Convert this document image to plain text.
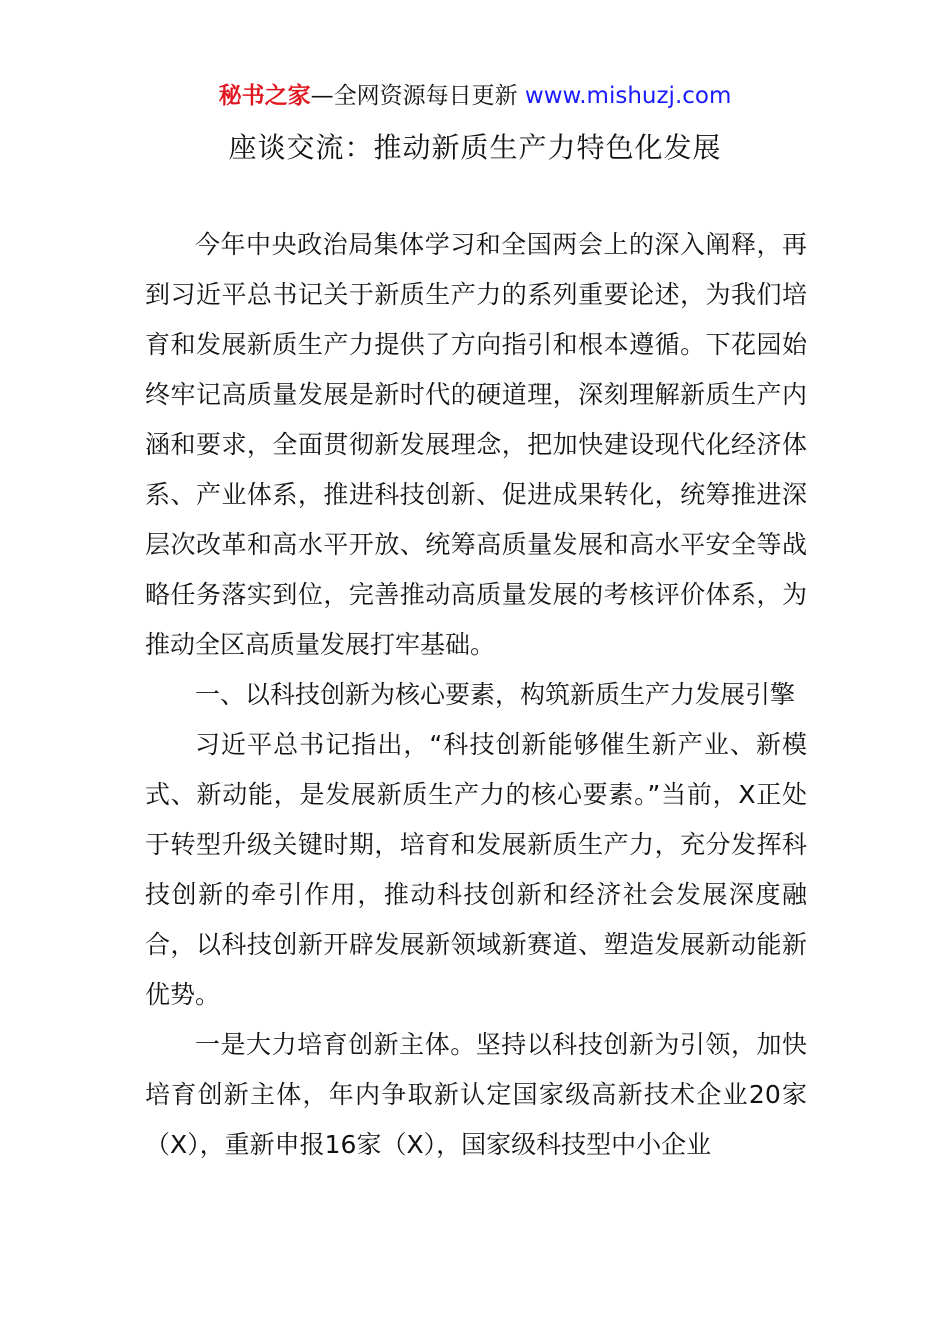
秘书之家—全网资源每日更新 www.mishuzj.com
座谈交流：推动新质生产力特色化发展

今年中央政治局集体学习和全国两会上的深入阐释，再到习近平总书记关于新质生产力的系列重要论述，为我们培育和发展新质生产力提供了方向指引和根本遵循。下花园始终牢记高质量发展是新时代的硬道理，深刻理解新质生产内涵和要求，全面贯彻新发展理念，把加快建设现代化经济体系、产业体系，推进科技创新、促进成果转化，统筹推进深层次改革和高水平开放、统筹高质量发展和高水平安全等战略任务落实到位，完善推动高质量发展的考核评价体系，为推动全区高质量发展打牢基础。

一、以科技创新为核心要素，构筑新质生产力发展引擎

习近平总书记指出，“科技创新能够催生新产业、新模式、新动能，是发展新质生产力的核心要素。”当前，X正处于转型升级关键时期，培育和发展新质生产力，充分发挥科技创新的牵引作用，推动科技创新和经济社会发展深度融合，以科技创新开辟发展新领域新赛道、塑造发展新动能新优势。

一是大力培育创新主体。坚持以科技创新为引领，加快培育创新主体，年内争取新认定国家级高新技术企业20家（X），重新申报16家（X），国家级科技型中小企业
